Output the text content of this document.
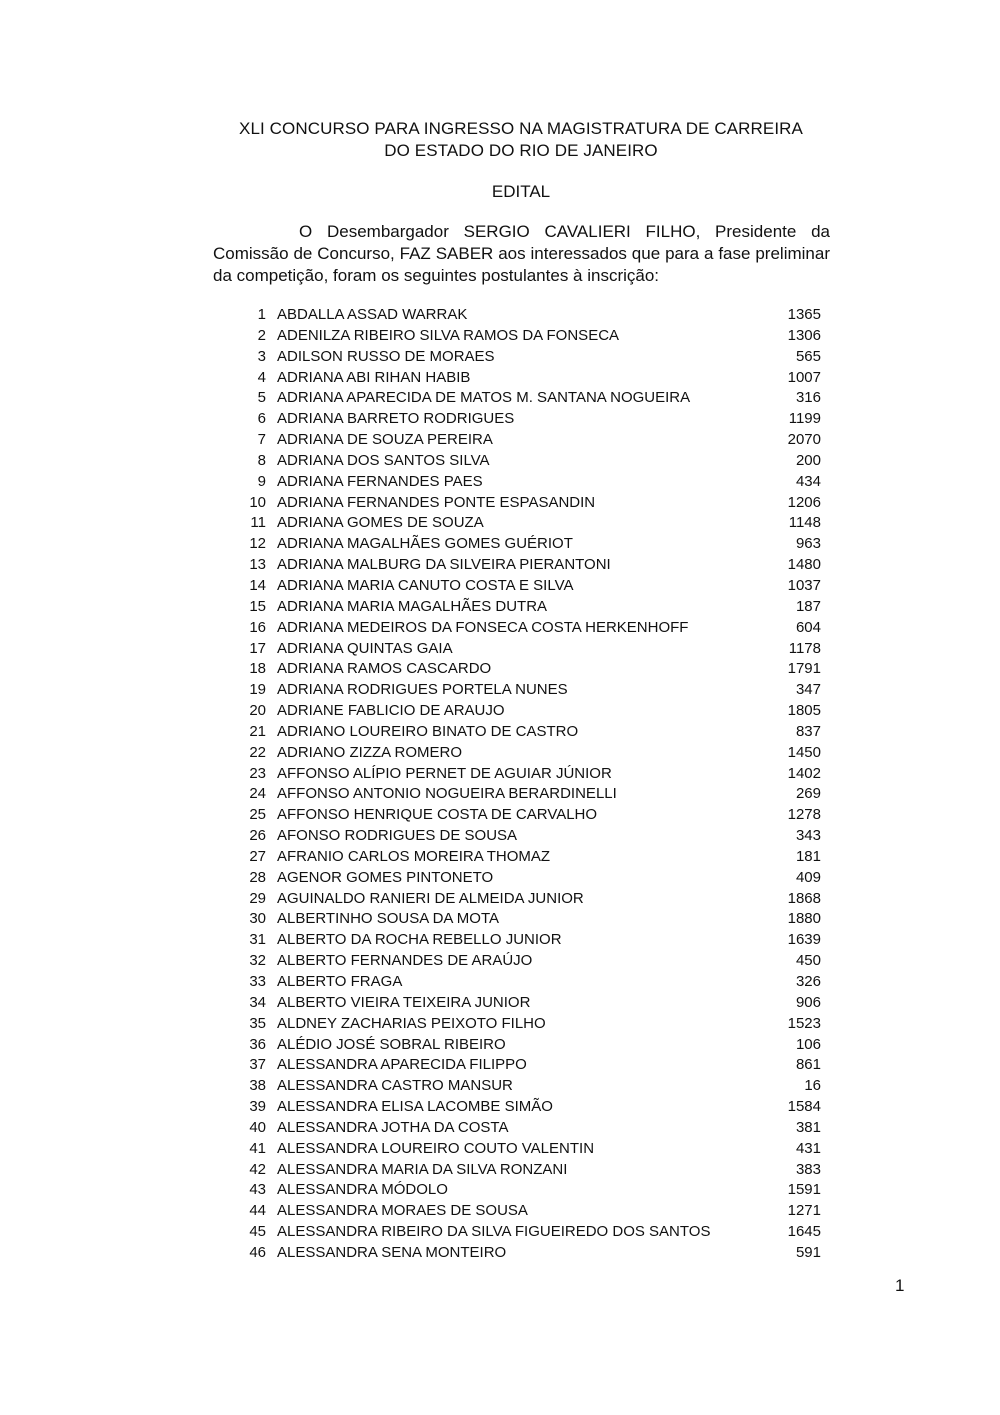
XLI CONCURSO PARA INGRESSO NA MAGISTRATURA DE CARREIRA
DO ESTADO DO RIO DE JANEIRO
EDITAL
O Desembargador SERGIO CAVALIERI FILHO, Presidente da Comissão de Concurso, FAZ SABER aos interessados que para a fase preliminar da competição, foram os seguintes postulantes à inscrição:
1 ABDALLA ASSAD WARRAK	1365
2 ADENILZA RIBEIRO SILVA RAMOS DA FONSECA	1306
3 ADILSON RUSSO DE MORAES	565
4 ADRIANA ABI RIHAN HABIB	1007
5 ADRIANA APARECIDA DE MATOS M. SANTANA NOGUEIRA	316
6 ADRIANA BARRETO RODRIGUES	1199
7 ADRIANA DE SOUZA PEREIRA	2070
8 ADRIANA DOS SANTOS SILVA	200
9 ADRIANA FERNANDES PAES	434
10 ADRIANA FERNANDES PONTE ESPASANDIN	1206
11 ADRIANA GOMES DE SOUZA	1148
12 ADRIANA MAGALHÃES GOMES GUÉRIOT	963
13 ADRIANA MALBURG DA SILVEIRA PIERANTONI	1480
14 ADRIANA MARIA CANUTO COSTA E SILVA	1037
15 ADRIANA MARIA MAGALHÃES DUTRA	187
16 ADRIANA MEDEIROS DA FONSECA COSTA HERKENHOFF	604
17 ADRIANA QUINTAS GAIA	1178
18 ADRIANA RAMOS CASCARDO	1791
19 ADRIANA RODRIGUES PORTELA NUNES	347
20 ADRIANE FABLICIO DE ARAUJO	1805
21 ADRIANO LOUREIRO BINATO DE CASTRO	837
22 ADRIANO ZIZZA ROMERO	1450
23 AFFONSO ALÍPIO PERNET DE AGUIAR JÚNIOR	1402
24 AFFONSO ANTONIO NOGUEIRA BERARDINELLI	269
25 AFFONSO HENRIQUE COSTA DE CARVALHO	1278
26 AFONSO RODRIGUES DE SOUSA	343
27 AFRANIO CARLOS MOREIRA THOMAZ	181
28 AGENOR GOMES PINTONETO	409
29 AGUINALDO RANIERI DE ALMEIDA JUNIOR	1868
30 ALBERTINHO SOUSA DA MOTA	1880
31 ALBERTO DA ROCHA REBELLO JUNIOR	1639
32 ALBERTO FERNANDES DE ARAÚJO	450
33 ALBERTO FRAGA	326
34 ALBERTO VIEIRA TEIXEIRA JUNIOR	906
35 ALDNEY ZACHARIAS PEIXOTO FILHO	1523
36 ALÉDIO JOSÉ SOBRAL RIBEIRO	106
37 ALESSANDRA APARECIDA FILIPPO	861
38 ALESSANDRA CASTRO MANSUR	16
39 ALESSANDRA ELISA LACOMBE SIMÃO	1584
40 ALESSANDRA JOTHA DA COSTA	381
41 ALESSANDRA LOUREIRO COUTO VALENTIN	431
42 ALESSANDRA MARIA DA SILVA RONZANI	383
43 ALESSANDRA MÓDOLO	1591
44 ALESSANDRA MORAES DE SOUSA	1271
45 ALESSANDRA RIBEIRO DA SILVA FIGUEIREDO DOS SANTOS	1645
46 ALESSANDRA SENA MONTEIRO	591
1
